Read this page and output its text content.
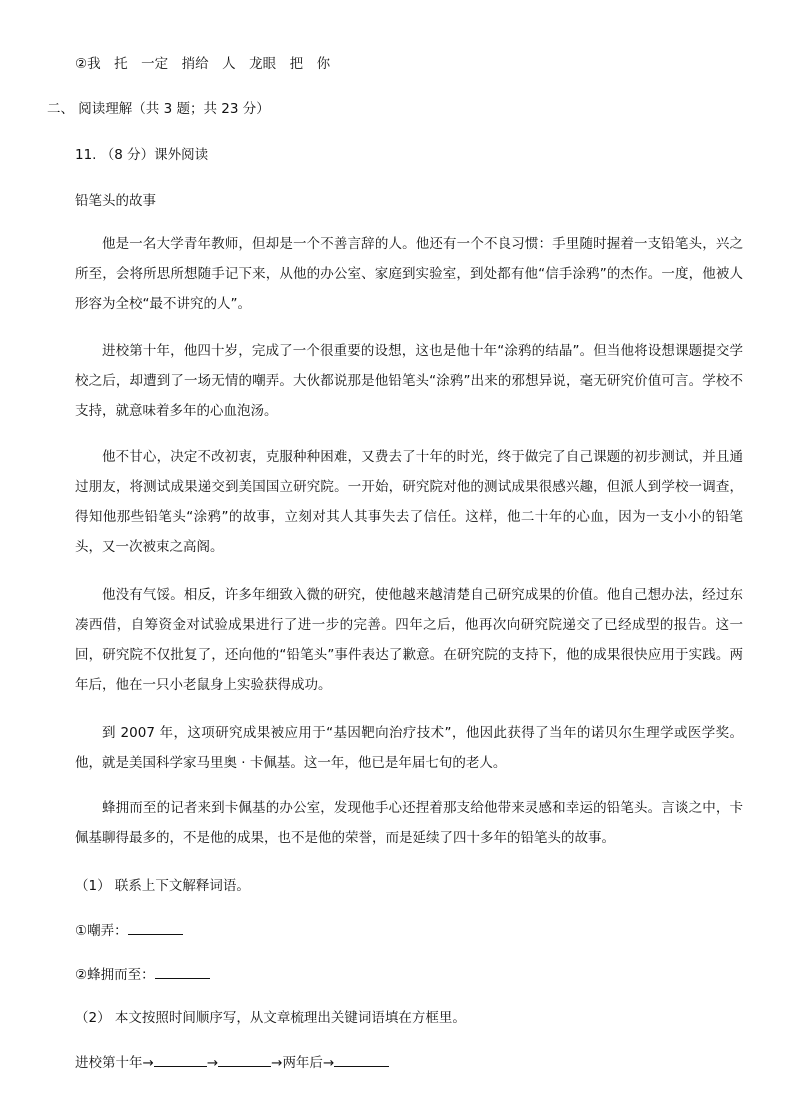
②我　托　一定　捎给　人　龙眼　把　你
二、 阅读理解（共 3 题；共 23 分）
11. （8 分）课外阅读
铅笔头的故事
他是一名大学青年教师，但却是一个不善言辞的人。他还有一个不良习惯：手里随时握着一支铅笔头，兴之所至，会将所思所想随手记下来，从他的办公室、家庭到实验室，到处都有他“信手涂鸦”的杰作。一度，他被人形容为全校“最不讲究的人”。
进校第十年，他四十岁，完成了一个很重要的设想，这也是他十年“涂鸦的结晶”。但当他将设想课题提交学校之后，却遭到了一场无情的嘲弄。大伙都说那是他铅笔头“涂鸦”出来的邪想异说，毫无研究价值可言。学校不支持，就意味着多年的心血泡汤。
他不甘心，决定不改初衷，克服种种困难，又费去了十年的时光，终于做完了自己课题的初步测试，并且通过朋友，将测试成果递交到美国国立研究院。一开始，研究院对他的测试成果很感兴趣，但派人到学校一调查，得知他那些铅笔头“涂鸦”的故事，立刻对其人其事失去了信任。这样，他二十年的心血，因为一支小小的铅笔头，又一次被束之高阁。
他没有气馁。相反，许多年细致入微的研究，使他越来越清楚自己研究成果的价值。他自己想办法，经过东凑西借，自筹资金对试验成果进行了进一步的完善。四年之后，他再次向研究院递交了已经成型的报告。这一回，研究院不仅批复了，还向他的“铅笔头”事件表达了歉意。在研究院的支持下，他的成果很快应用于实践。两年后，他在一只小老鼠身上实验获得成功。
到 2007 年，这项研究成果被应用于“基因靶向治疗技术”，他因此获得了当年的诺贝尔生理学或医学奖。他，就是美国科学家马里奥 · 卡佩基。这一年，他已是年届七旬的老人。
蜂拥而至的记者来到卡佩基的办公室，发现他手心还捏着那支给他带来灵感和幸运的铅笔头。言谈之中，卡佩基聊得最多的，不是他的成果，也不是他的荣誉，而是延续了四十多年的铅笔头的故事。
（1） 联系上下文解释词语。
①嘲弄：
②蜂拥而至：
（2） 本文按照时间顺序写，从文章梳理出关键词语填在方框里。
进校第十年→	→	→两年后→
